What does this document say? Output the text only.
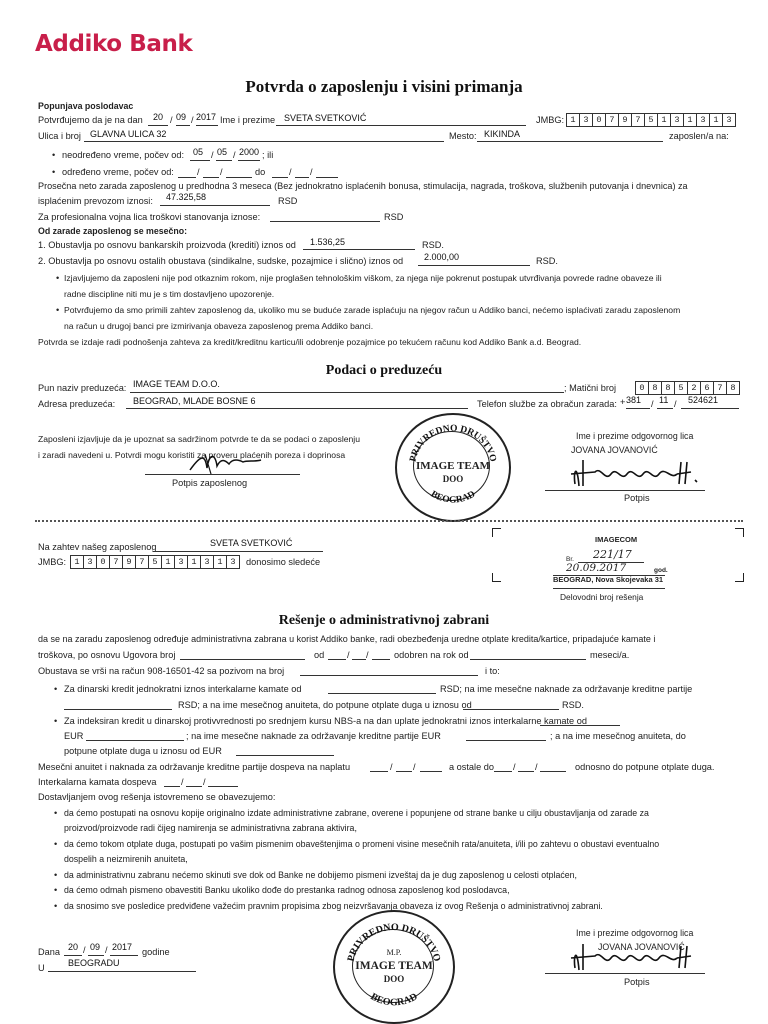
Addiko Bank
Potvrda o zaposlenju i visini primanja
Popunjava poslodavac
Potvrđujemo da je na dan 20 / 09 / 2017 Ime i prezime SVETA SVETKOVIĆ	JMBG: 1 3 0 7 9 7 5 1 3 1 3 1 3
Ulica i broj GLAVNA ULICA 32	Mesto: KIKINDA	zaposlen/a na:
• neodređeno vreme, počev od: 05 / 05 / 2000 ; ili
• određeno vreme, počev od:	/ /	do	/ /
Prosečna neto zarada zaposlenog u predhodna 3 meseca (Bez jednokratno isplaćenih bonusa, stimulacija, nagrada, troškova, službenih putovanja i dnevnica) za
isplaćenim prevozom iznosi: 47.325,58	RSD
Za profesionalna vojna lica troškovi stanovanja iznose:	RSD
Od zarade zaposlenog se mesečno:
1. Obustavlja po osnovu bankarskih proizvoda (krediti) iznos od 1.536,25	RSD.
2. Obustavlja po osnovu ostalih obustava (sindikalne, sudske, pozajmice i slično) iznos od 2.000,00	RSD.
• Izjavljujemo da zaposleni nije pod otkaznim rokom, nije proglašen tehnološkim viškom, za njega nije pokrenut postupak utvrđivanja povrede radne obaveze ili
radne discipline niti mu je s tim dostavljeno upozorenje.
• Potvrđujemo da smo primili zahtev zaposlenog da, ukoliko mu se buduće zarade isplaćuju na njegov račun u Addiko banci, nećemo isplaćivati zaradu zaposlenom
na račun u drugoj banci pre izmirivanja obaveza zaposlenog prema Addiko banci.
Potvrda se izdaje radi podnošenja zahteva za kredit/kreditnu karticu/ili odobrenje pozajmice po tekućem računu kod Addiko Bank a.d. Beograd.
Podaci o preduzeću
Pun naziv preduzeća: IMAGE TEAM D.O.O.	; Matični broj	0 8 8 5 2 6 7 8
Adresa preduzeća: BEOGRAD, MLADE BOSNE 6	Telefon službe za obračun zarada: + 381 / 11 / 524621
Zaposleni izjavljuje da je upoznat sa sadržinom potvrde te da se podaci o zaposlenju
i zaradi navedeni u. Potvrdi mogu koristiti za proveru plaćenih poreza i doprinosa
Potpis zaposlenog
PRIVREDNO DRUŠTVO
BEOGRAD
IMAGE TEAM
DOO
Ime i prezime odgovornog lica
JOVANA JOVANOVIĆ
Potpis
Na zahtev našeg zaposlenog	SVETA SVETKOVIĆ
JMBG: 1 3 0 7 9 7 5 1 3 1 3 1 3	donosimo sledeće
IMAGECOM
Br. 221/17
20.09.2017	god.
BEOGRAD, Nova Skojevaka 31
Delovodni broj rešenja
Rešenje o administrativnoj zabrani
da se na zaradu zaposlenog određuje administrativna zabrana u korist Addiko banke, radi obezbeđenja uredne otplate kredita/kartice, pripadajuće kamate i
troškova, po osnovu Ugovora broj	od / /	odobren na rok od	meseci/a.
Obustava se vrši na račun 908-16501-42 sa pozivom na broj	i to:
• Za dinarski kredit jednokratni iznos interkalarne kamate od	RSD; na ime mesečne naknade za održavanje kreditne partije
RSD; a na ime mesečnog anuiteta, do potpune otplate duga u iznosu od	RSD.
• Za indeksiran kredit u dinarskoj protivvrednosti po srednjem kursu NBS-a na dan uplate jednokratni iznos interkalarne kamate od
EUR	; na ime mesečne naknade za održavanje kreditne partije EUR	; a na ime mesečnog anuiteta, do
potpune otplate duga u iznosu od EUR
Mesečni anuitet i naknada za održavanje kreditne partije dospeva na naplatu	/ /	a ostale do / /	odnosno do potpune otplate duga.
Interkalarna kamata dospeva	/ /
Dostavljanjem ovog rešenja istovremeno se obavezujemo:
• da ćemo postupati na osnovu kopije originalno izdate administrativne zabrane, overene i popunjene od strane banke u cilju obustavljanja od zarade za
proizvod/proizvode radi čijeg namirenja se administrativna zabrana aktivira,
• da ćemo tokom otplate duga, postupati po vašim pismenim obaveštenjima o promeni visine mesečnih rata/anuiteta, i/ili po zahtevu o obustavi eventualno
dospelih a neizmirenih anuiteta,
• da administrativnu zabranu nećemo skinuti sve dok od Banke ne dobijemo pismeni izveštaj da je dug zaposlenog u celosti otplaćen,
• da ćemo odmah pismeno obavestiti Banku ukoliko dođe do prestanka radnog odnosa zaposlenog kod poslodavca,
• da snosimo sve posledice predviđene važećim pravnim propisima zbog neizvršavanja obaveza iz ovog Rešenja o administrativnoj zabrani.
Dana 20 / 09 / 2017 godine
U	BEOGRADU	PRIVREDNO DRUŠTVO
BEOGRAD
M.P.
IMAGE TEAM
DOO
Ime i prezime odgovornog lica
JOVANA JOVANOVIĆ
Potpis
